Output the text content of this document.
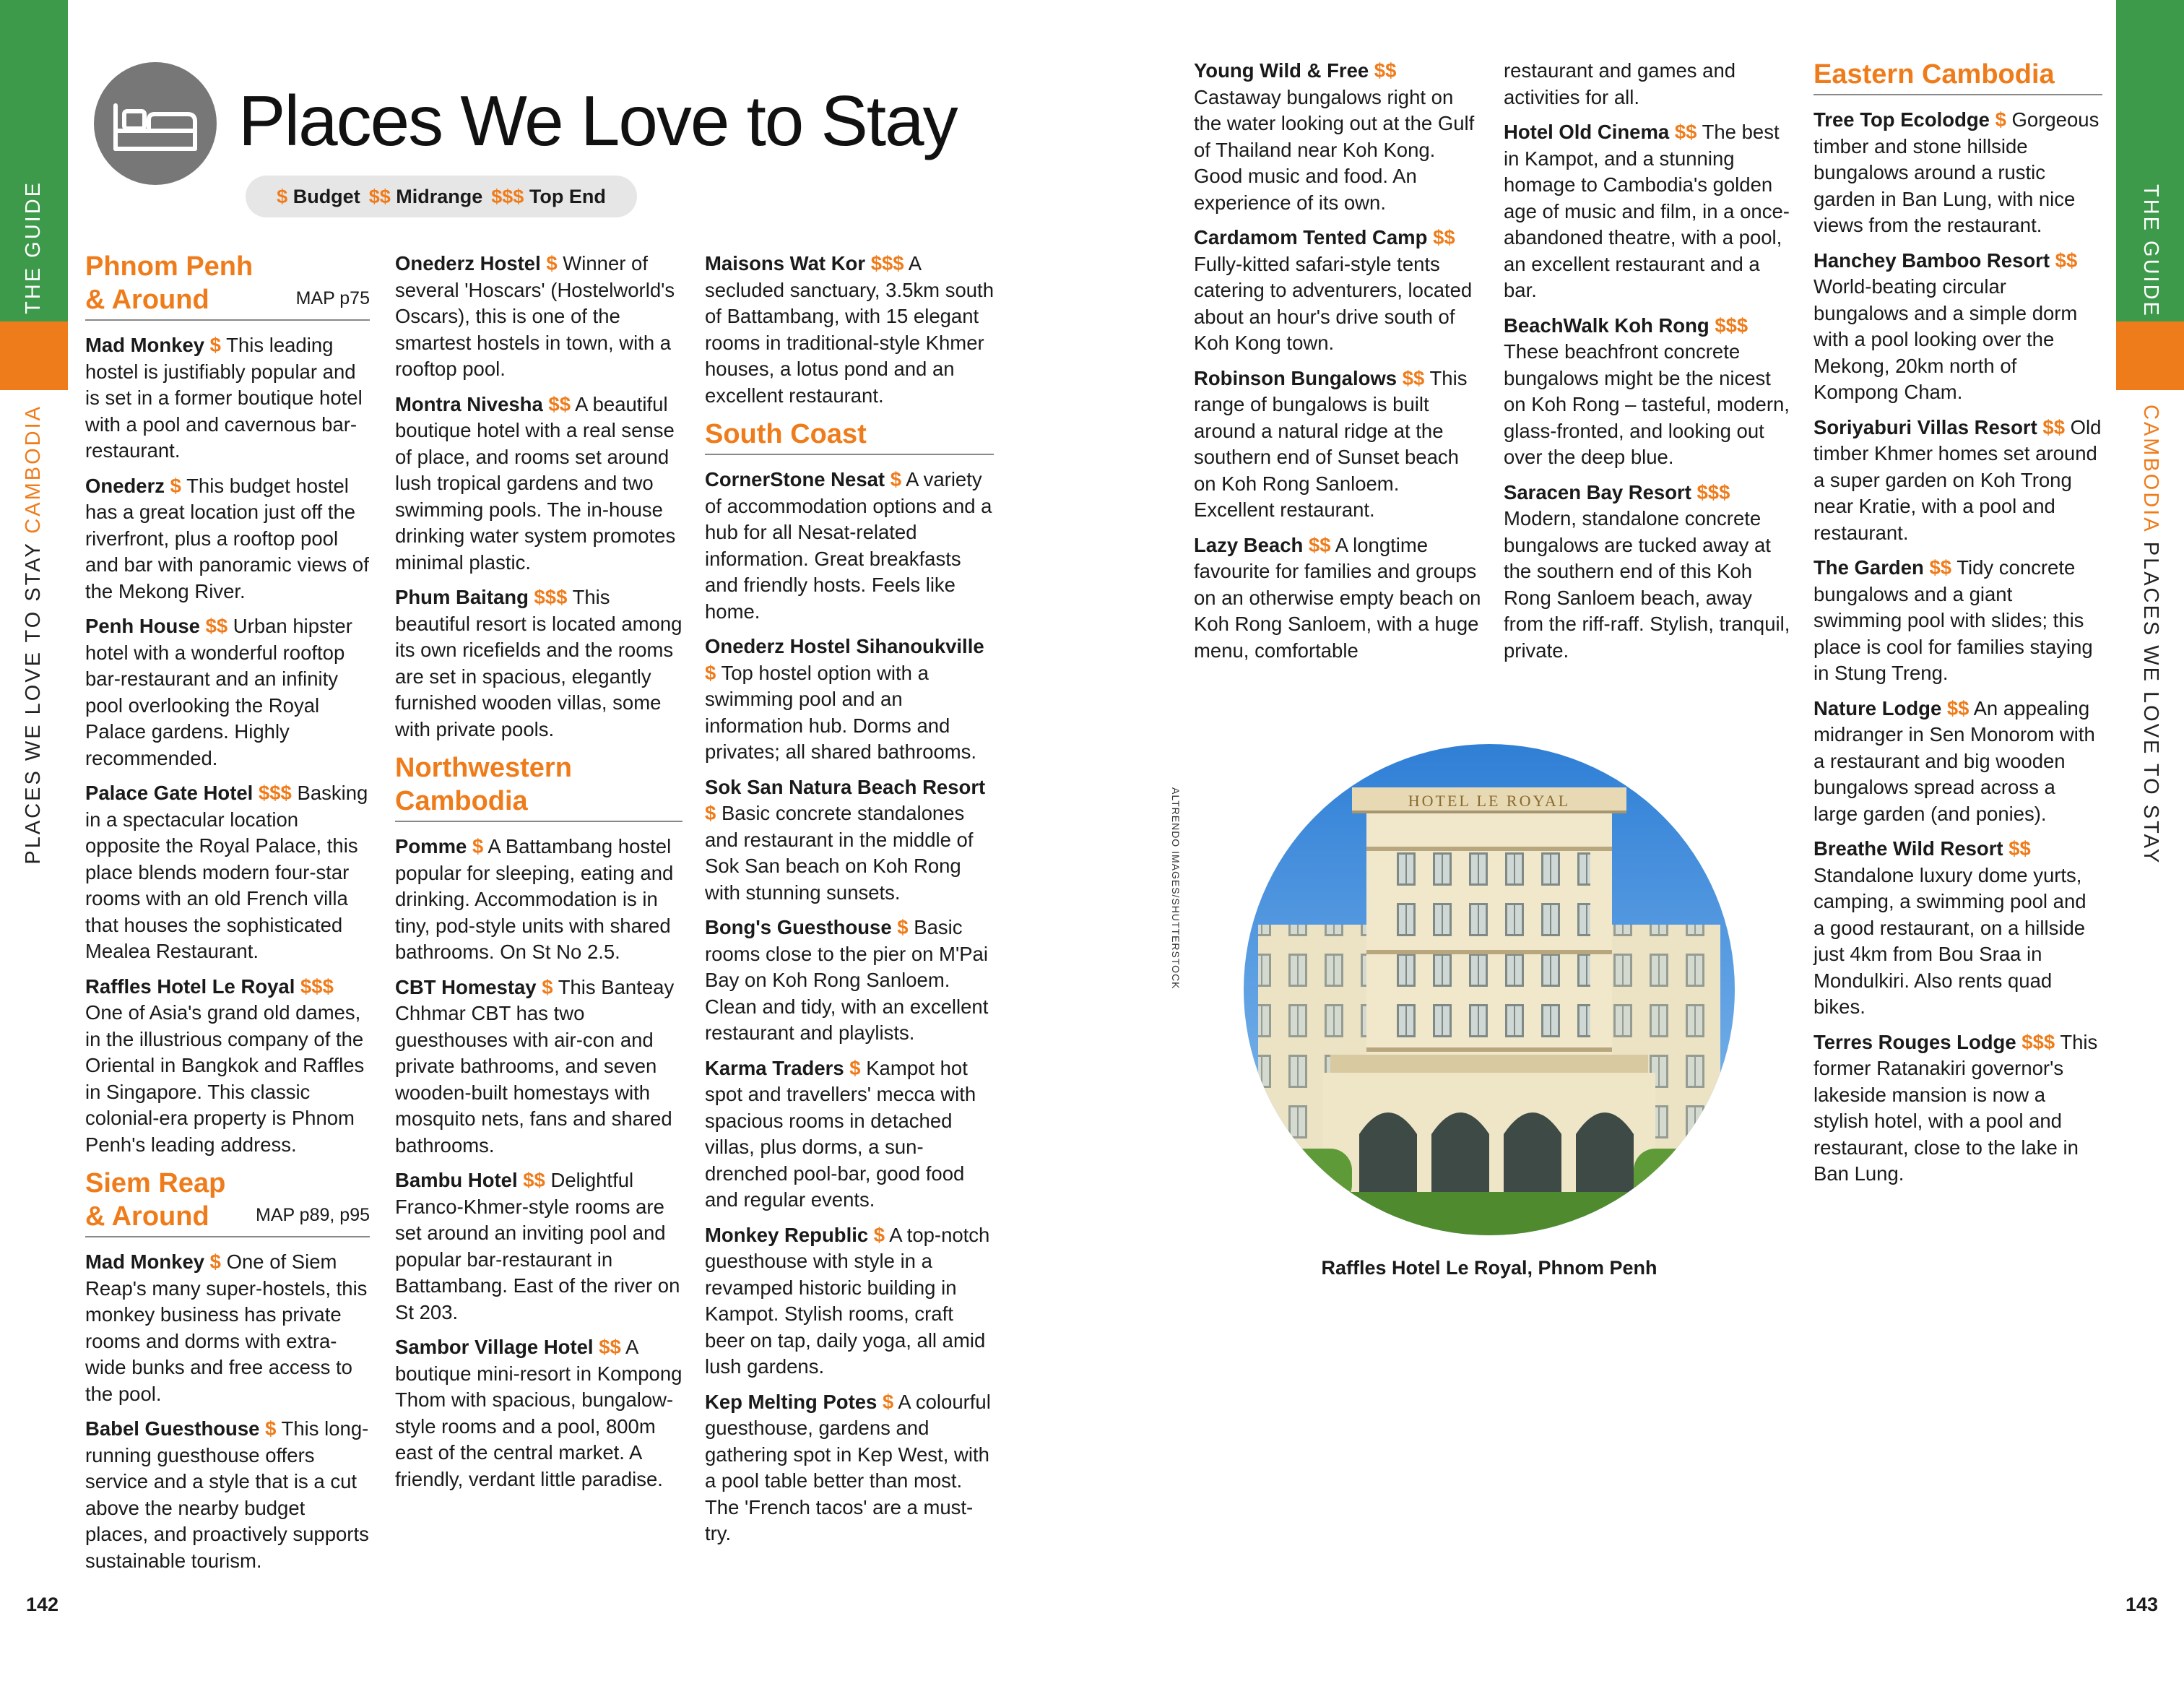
THE GUIDE
PLACES WE LOVE TO STAY CAMBODIA
THE GUIDE
CAMBODIA PLACES WE LOVE TO STAY
Places We Love to Stay
$ Budget $$ Midrange $$$ Top End
Phnom Penh
& Around	MAP p75

Mad Monkey $ This leading hostel is justifiably popular and is set in a former boutique hotel with a pool and cavernous bar-restaurant.

Onederz $ This budget hostel has a great location just off the riverfront, plus a rooftop pool and bar with panoramic views of the Mekong River.

Penh House $$ Urban hipster hotel with a wonderful rooftop bar-restaurant and an infinity pool overlooking the Royal Palace gardens. Highly recommended.

Palace Gate Hotel $$$ Basking in a spectacular location opposite the Royal Palace, this place blends modern four-star rooms with an old French villa that houses the sophisticated Mealea Restaurant.

Raffles Hotel Le Royal $$$ One of Asia's grand old dames, in the illustrious company of the Oriental in Bangkok and Raffles in Singapore. This classic colonial-era property is Phnom Penh's leading address.

Siem Reap
& Around	MAP p89, p95

Mad Monkey $ One of Siem Reap's many super-hostels, this monkey business has private rooms and dorms with extra-wide bunks and free access to the pool.

Babel Guesthouse $ This long-running guesthouse offers service and a style that is a cut above the nearby budget places, and proactively supports sustainable tourism.

Onederz Hostel $ Winner of several 'Hoscars' (Hostelworld's Oscars), this is one of the smartest hostels in town, with a rooftop pool.

Montra Nivesha $$ A beautiful boutique hotel with a real sense of place, and rooms set around lush tropical gardens and two swimming pools. The in-house drinking water system promotes minimal plastic.

Phum Baitang $$$ This beautiful resort is located among its own ricefields and the rooms are set in spacious, elegantly furnished wooden villas, some with private pools.

Northwestern
Cambodia

Pomme $ A Battambang hostel popular for sleeping, eating and drinking. Accommodation is in tiny, pod-style units with shared bathrooms. On St No 2.5.

CBT Homestay $ This Banteay Chhmar CBT has two guesthouses with air-con and private bathrooms, and seven wooden-built homestays with mosquito nets, fans and shared bathrooms.

Bambu Hotel $$ Delightful Franco-Khmer-style rooms are set around an inviting pool and popular bar-restaurant in Battambang. East of the river on St 203.

Sambor Village Hotel $$ A boutique mini-resort in Kompong Thom with spacious, bungalow-style rooms and a pool, 800m east of the central market. A friendly, verdant little paradise.

Maisons Wat Kor $$$ A secluded sanctuary, 3.5km south of Battambang, with 15 elegant rooms in traditional-style Khmer houses, a lotus pond and an excellent restaurant.

South Coast

CornerStone Nesat $ A variety of accommodation options and a hub for all Nesat-related information. Great breakfasts and friendly hosts. Feels like home.

Onederz Hostel Sihanoukville $ Top hostel option with a swimming pool and an information hub. Dorms and privates; all shared bathrooms.

Sok San Natura Beach Resort $ Basic concrete standalones and restaurant in the middle of Sok San beach on Koh Rong with stunning sunsets.

Bong's Guesthouse $ Basic rooms close to the pier on M'Pai Bay on Koh Rong Sanloem. Clean and tidy, with an excellent restaurant and playlists.

Karma Traders $ Kampot hot spot and travellers' mecca with spacious rooms in detached villas, plus dorms, a sun-drenched pool-bar, good food and regular events.

Monkey Republic $ A top-notch guesthouse with style in a revamped historic building in Kampot. Stylish rooms, craft beer on tap, daily yoga, all amid lush gardens.

Kep Melting Potes $ A colourful guesthouse, gardens and gathering spot in Kep West, with a pool table better than most. The 'French tacos' are a must-try.

Young Wild & Free $$ Castaway bungalows right on the water looking out at the Gulf of Thailand near Koh Kong. Good music and food. An experience of its own.

Cardamom Tented Camp $$ Fully-kitted safari-style tents catering to adventurers, located about an hour's drive south of Koh Kong town.

Robinson Bungalows $$ This range of bungalows is built around a natural ridge at the southern end of Sunset beach on Koh Rong Sanloem. Excellent restaurant.

Lazy Beach $$ A longtime favourite for families and groups on an otherwise empty beach on Koh Rong Sanloem, with a huge menu, comfortable

restaurant and games and activities for all.

Hotel Old Cinema $$ The best in Kampot, and a stunning homage to Cambodia's golden age of music and film, in a once-abandoned theatre, with a pool, an excellent restaurant and a bar.

BeachWalk Koh Rong $$$ These beachfront concrete bungalows might be the nicest on Koh Rong – tasteful, modern, glass-fronted, and looking out over the deep blue.

Saracen Bay Resort $$$ Modern, standalone concrete bungalows are tucked away at the southern end of this Koh Rong Sanloem beach, away from the riff-raff. Stylish, tranquil, private.

Eastern Cambodia

Tree Top Ecolodge $ Gorgeous timber and stone hillside bungalows around a rustic garden in Ban Lung, with nice views from the restaurant.

Hanchey Bamboo Resort $$ World-beating circular bungalows and a simple dorm with a pool looking over the Mekong, 20km north of Kompong Cham.

Soriyaburi Villas Resort $$ Old timber Khmer homes set around a super garden on Koh Trong near Kratie, with a pool and restaurant.

The Garden $$ Tidy concrete bungalows and a giant swimming pool with slides; this place is cool for families staying in Stung Treng.

Nature Lodge $$ An appealing midranger in Sen Monorom with a restaurant and big wooden bungalows spread across a large garden (and ponies).

Breathe Wild Resort $$ Standalone luxury dome yurts, camping, a swimming pool and a good restaurant, on a hillside just 4km from Bou Sraa in Mondulkiri. Also rents quad bikes.

Terres Rouges Lodge $$$ This former Ratanakiri governor's lakeside mansion is now a stylish hotel, with a pool and restaurant, close to the lake in Ban Lung.

ALTRENDO IMAGES/SHUTTERSTOCK	HOTEL LE ROYAL
Raffles Hotel Le Royal, Phnom Penh
142	143
